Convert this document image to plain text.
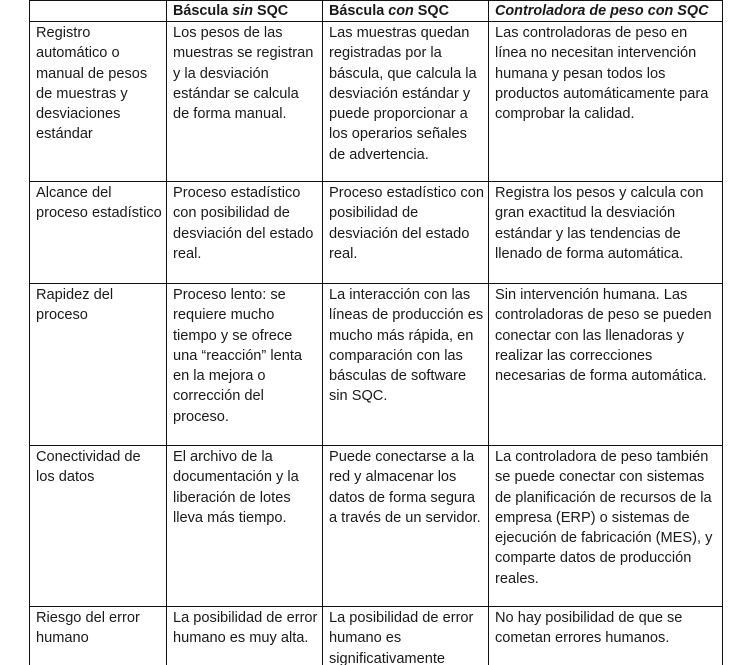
	Báscula sin SQC	Báscula con SQC	Controladora de peso con SQC
Registro automático o manual de pesos de muestras y desviaciones estándar	Los pesos de las muestras se registran y la desviación estándar se calcula de forma manual.	Las muestras quedan registradas por la báscula, que calcula la desviación estándar y puede proporcionar a los operarios señales de advertencia.	Las controladoras de peso en línea no necesitan intervención humana y pesan todos los productos automáticamente para comprobar la calidad.
Alcance del proceso estadístico	Proceso estadístico con posibilidad de desviación del estado real.	Proceso estadístico con posibilidad de desviación del estado real.	Registra los pesos y calcula con gran exactitud la desviación estándar y las tendencias de llenado de forma automática.
Rapidez del proceso	Proceso lento: se requiere mucho tiempo y se ofrece una “reacción” lenta en la mejora o corrección del proceso.	La interacción con las líneas de producción es mucho más rápida, en comparación con las básculas de software sin SQC.	Sin intervención humana. Las controladoras de peso se pueden conectar con las llenadoras y realizar las correcciones necesarias de forma automática.
Conectividad de los datos	El archivo de la documentación y la liberación de lotes lleva más tiempo.	Puede conectarse a la red y almacenar los datos de forma segura a través de un servidor.	La controladora de peso también se puede conectar con sistemas de planificación de recursos de la empresa (ERP) o sistemas de ejecución de fabricación (MES), y comparte datos de producción reales.
Riesgo del error humano	La posibilidad de error humano es muy alta.	La posibilidad de error humano es significativamente	No hay posibilidad de que se cometan errores humanos.
